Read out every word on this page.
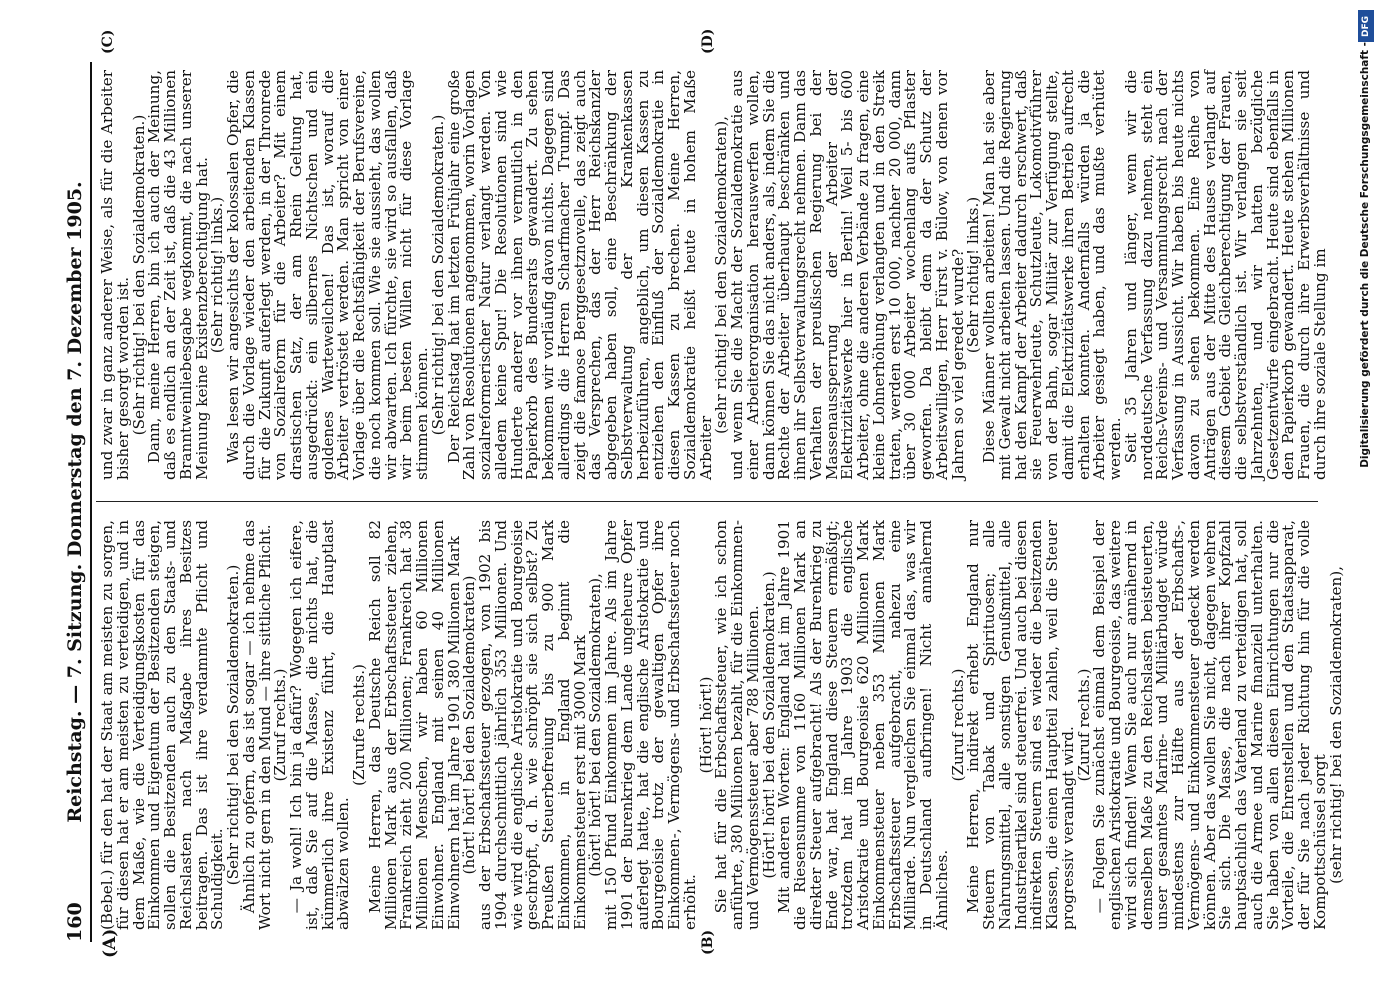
160
Reichstag. — 7. Sitzung. Donnerstag den 7. Dezember 1905.
(A)	(B)
(C)	(D)

(Bebel.) für den hat der Staat am meisten zu sorgen, für diesen hat er am meisten zu verteidigen, und in dem Maße, wie die Verteidigungskosten für das Einkommen und Eigentum der Besitzenden steigen, sollen die Besitzenden auch zu den Staats- und Reichslasten nach Maßgabe ihres Besitzes beitragen. Das ist ihre verdammte Pflicht und Schuldigkeit.

(Sehr richtig! bei den Sozialdemokraten.)

Ähnlich zu opfern, das ist sogar — ich nehme das Wort nicht gern in den Mund — ihre sittliche Pflicht.

(Zuruf rechts.)

— Ja wohl! Ich bin ja dafür? Wogegen ich eifere, ist, daß Sie auf die Masse, die nichts hat, die kümmerlich ihre Existenz führt, die Hauptlast abwälzen wollen.

(Zurufe rechts.)

Meine Herren, das Deutsche Reich soll 82 Millionen Mark aus der Erbschaftssteuer ziehen, Frankreich zieht 200 Millionen; Frankreich hat 38 Millionen Menschen, wir haben 60 Millionen Einwohner. England mit seinen 40 Millionen Einwohnern hat im Jahre 1901 380 Millionen Mark

(hört! hört! bei den Sozialdemokraten)

aus der Erbschaftssteuer gezogen, von 1902 bis 1904 durchschnittlich jährlich 353 Millionen. Und wie wird die englische Aristokratie und Bourgeoisie geschröpft, d. h. wie schröpft sie sich selbst? Zu Preußen Steuerbefreiung bis zu 900 Mark Einkommen, in England beginnt die Einkommensteuer erst mit 3000 Mark

(hört! hört! bei den Sozialdemokraten),

mit 150 Pfund Einkommen im Jahre. Als im Jahre 1901 der Burenkrieg dem Lande ungeheure Opfer auferlegt hatte, hat die englische Aristokratie und Bourgeoisie trotz der gewaltigen Opfer ihre Einkommen-, Vermögens- und Erbschaftssteuer noch erhöht.

(Hört! hört!)

Sie hat für die Erbschaftssteuer, wie ich schon anführte, 380 Millionen bezahlt, für die Einkommen- und Vermögenssteuer aber 788 Millionen.

(Hört! hört! bei den Sozialdemokraten.)

Mit anderen Worten: England hat im Jahre 1901 die Riesensumme von 1160 Millionen Mark an direkter Steuer aufgebracht! Als der Burenkrieg zu Ende war, hat England diese Steuern ermäßigt; trotzdem hat im Jahre 1903 die englische Aristokratie und Bourgeoisie 620 Millionen Mark Einkommensteuer neben 353 Millionen Mark Erbschaftssteuer aufgebracht, nahezu eine Milliarde. Nun vergleichen Sie einmal das, was wir in Deutschland aufbringen! Nicht annähernd Ähnliches.

(Zuruf rechts.)

Meine Herren, indirekt erhebt England nur Steuern von Tabak und Spirituosen; alle Nahrungsmittel, alle sonstigen Genußmittel, alle Industrieartikel sind steuerfrei. Und auch bei diesen indirekten Steuern sind es wieder die besitzenden Klassen, die einen Hauptteil zahlen, weil die Steuer progressiv veranlagt wird.

(Zuruf rechts.)

— Folgen Sie zunächst einmal dem Beispiel der englischen Aristokratie und Bourgeoisie, das weitere wird sich finden! Wenn Sie auch nur annähernd in demselben Maße zu den Reichslasten beisteuerten, unser gesamtes Marine- und Militärbudget würde mindestens zur Hälfte aus der Erbschafts-, Vermögens- und Einkommensteuer gedeckt werden können. Aber das wollen Sie nicht, dagegen wehren Sie sich. Die Masse, die nach ihrer Kopfzahl hauptsächlich das Vaterland zu verteidigen hat, soll auch die Armee und Marine finanziell unterhalten. Sie haben von allen diesen Einrichtungen nur die Vorteile, die Ehrenstellen und den Staatsapparat, der für Sie nach jeder Richtung hin für die volle Kompottschüssel sorgt

(sehr richtig! bei den Sozialdemokraten),

und zwar in ganz anderer Weise, als für die Arbeiter bisher gesorgt worden ist.

(Sehr richtig! bei den Sozialdemokraten.)

Dann, meine Herren, bin ich auch der Meinung, daß es endlich an der Zeit ist, daß die 43 Millionen Branntweinliebesgabe wegkommt, die nach unserer Meinung keine Existenzberechtigung hat.

(Sehr richtig! links.)

Was lesen wir angesichts der kolossalen Opfer, die durch die Vorlage wieder den arbeitenden Klassen für die Zukunft auferlegt werden, in der Thronrede von Sozialreform für die Arbeiter? Mit einem drastischen Satz, der am Rhein Geltung hat, ausgedrückt: ein silbernes Nichtschen und ein goldenes Warteweilchen! Das ist, worauf die Arbeiter vertröstet werden. Man spricht von einer Vorlage über die Rechtsfähigkeit der Berufsvereine, die noch kommen soll. Wie sie aussieht, das wollen wir abwarten. Ich fürchte, sie wird so ausfallen, daß wir beim besten Willen nicht für diese Vorlage stimmen können.

(Sehr richtig! bei den Sozialdemokraten.)

Der Reichstag hat im letzten Frühjahr eine große Zahl von Resolutionen angenommen, worin Vorlagen sozialreformerischer Natur verlangt werden. Von alledem keine Spur! Die Resolutionen sind wie Hunderte anderer vor ihnen vermutlich in den Papierkorb des Bundesrats gewandert. Zu sehen bekommen wir vorläufig davon nichts. Dagegen sind allerdings die Herren Scharfmacher Trumpf. Das zeigt die famose Berggesetznovelle, das zeigt auch das Versprechen, das der Herr Reichskanzler abgegeben haben soll, eine Beschränkung der Selbstverwaltung der Krankenkassen herbeizuführen, angeblich, um diesen Kassen zu entziehen den Einfluß der Sozialdemokratie in diesen Kassen zu brechen. Meine Herren, Sozialdemokratie heißt heute in hohem Maße Arbeiter

(sehr richtig! bei den Sozialdemokraten),

und wenn Sie die Macht der Sozialdemokratie aus einer Arbeiterorganisation herauswerfen wollen, dann können Sie das nicht anders, als, indem Sie die Rechte der Arbeiter überhaupt beschränken und ihnen ihr Selbstverwaltungsrecht nehmen. Dann das Verhalten der preußischen Regierung bei der Massenaussperrung der Arbeiter der Elektrizitätswerke hier in Berlin! Weil 5- bis 600 Arbeiter, ohne die anderen Verbände zu fragen, eine kleine Lohnerhöhung verlangten und in den Streik traten, werden erst 10 000, nachher 20 000, dann über 30 000 Arbeiter wochenlang aufs Pflaster geworfen. Da bleibt denn da der Schutz der Arbeitswilligen, Herr Fürst v. Bülow, von denen vor Jahren so viel geredet wurde?

(Sehr richtig! links.)

Diese Männer wollten arbeiten! Man hat sie aber mit Gewalt nicht arbeiten lassen. Und die Regierung hat den Kampf der Arbeiter dadurch erschwert, daß sie Feuerwehrleute, Schutzleute, Lokomotivführer von der Bahn, sogar Militär zur Verfügung stellte, damit die Elektrizitätswerke ihren Betrieb aufrecht erhalten konnten. Andernfalls würden ja die Arbeiter gesiegt haben, und das mußte verhütet werden.

Seit 35 Jahren und länger, wenn wir die norddeutsche Verfassung dazu nehmen, steht ein Reichs-Vereins- und Versammlungsrecht nach der Verfassung in Aussicht. Wir haben bis heute nichts davon zu sehen bekommen. Eine Reihe von Anträgen aus der Mitte des Hauses verlangt auf diesem Gebiet die Gleichberechtigung der Frauen, die selbstverständlich ist. Wir verlangen sie seit Jahrzehnten, und wir hatten bezügliche Gesetzentwürfe eingebracht. Heute sind ebenfalls in den Papierkorb gewandert. Heute stehen Millionen Frauen, die durch ihre Erwerbsverhältnisse und durch ihre soziale Stellung im	Digitalisierung gefördert durch die Deutsche Forschungsgemeinschaft -
DFG
